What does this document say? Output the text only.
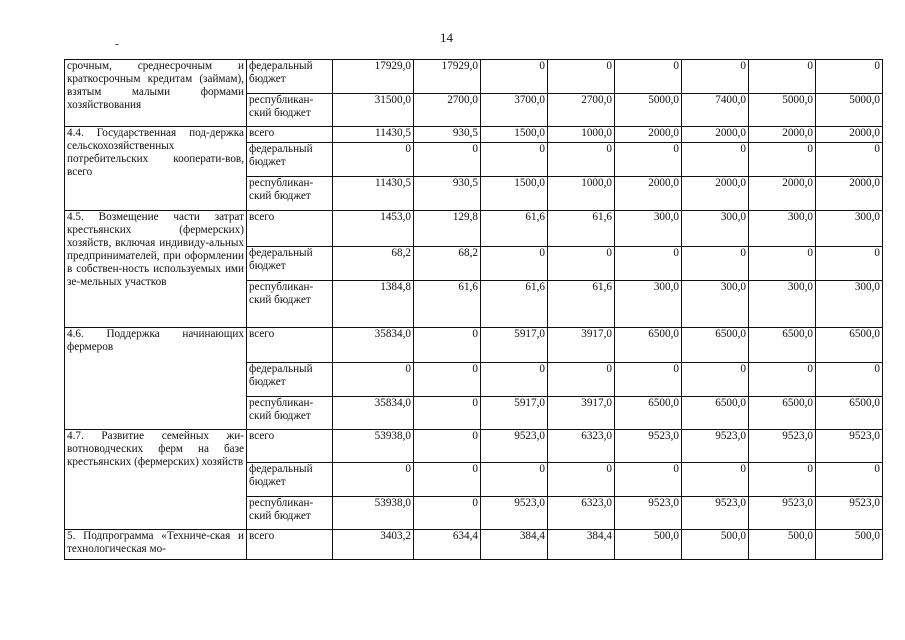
14
-
срочным, среднесрочным и краткосрочным кредитам (займам), взятым малыми формами хозяйствования	федеральный бюджет	17929,0	17929,0	0	0	0	0	0	0
	республикан-ский бюджет	31500,0	2700,0	3700,0	2700,0	5000,0	7400,0	5000,0	5000,0
4.4. Государственная под-держка сельскохозяйственных потребительских кооперати-вов, всего	всего	11430,5	930,5	1500,0	1000,0	2000,0	2000,0	2000,0	2000,0
	федеральный бюджет	0	0	0	0	0	0	0	0
	республикан-ский бюджет	11430,5	930,5	1500,0	1000,0	2000,0	2000,0	2000,0	2000,0
4.5. Возмещение части затрат крестьянских (фермерских) хозяйств, включая индивиду-альных предпринимателей, при оформлении в собствен-ность используемых ими зе-мельных участков	всего	1453,0	129,8	61,6	61,6	300,0	300,0	300,0	300,0
	федеральный бюджет	68,2	68,2	0	0	0	0	0	0
	республикан-ский бюджет	1384,8	61,6	61,6	61,6	300,0	300,0	300,0	300,0
4.6. Поддержка начинающих фермеров	всего	35834,0	0	5917,0	3917,0	6500,0	6500,0	6500,0	6500,0
	федеральный бюджет	0	0	0	0	0	0	0	0
	республикан-ский бюджет	35834,0	0	5917,0	3917,0	6500,0	6500,0	6500,0	6500,0
4.7. Развитие семейных жи-вотноводческих ферм на базе крестьянских (фермерских) хозяйств	всего	53938,0	0	9523,0	6323,0	9523,0	9523,0	9523,0	9523,0
	федеральный бюджет	0	0	0	0	0	0	0	0
	республикан-ский бюджет	53938,0	0	9523,0	6323,0	9523,0	9523,0	9523,0	9523,0
5. Подпрограмма «Техниче-ская и технологическая мо-	всего	3403,2	634,4	384,4	384,4	500,0	500,0	500,0	500,0
